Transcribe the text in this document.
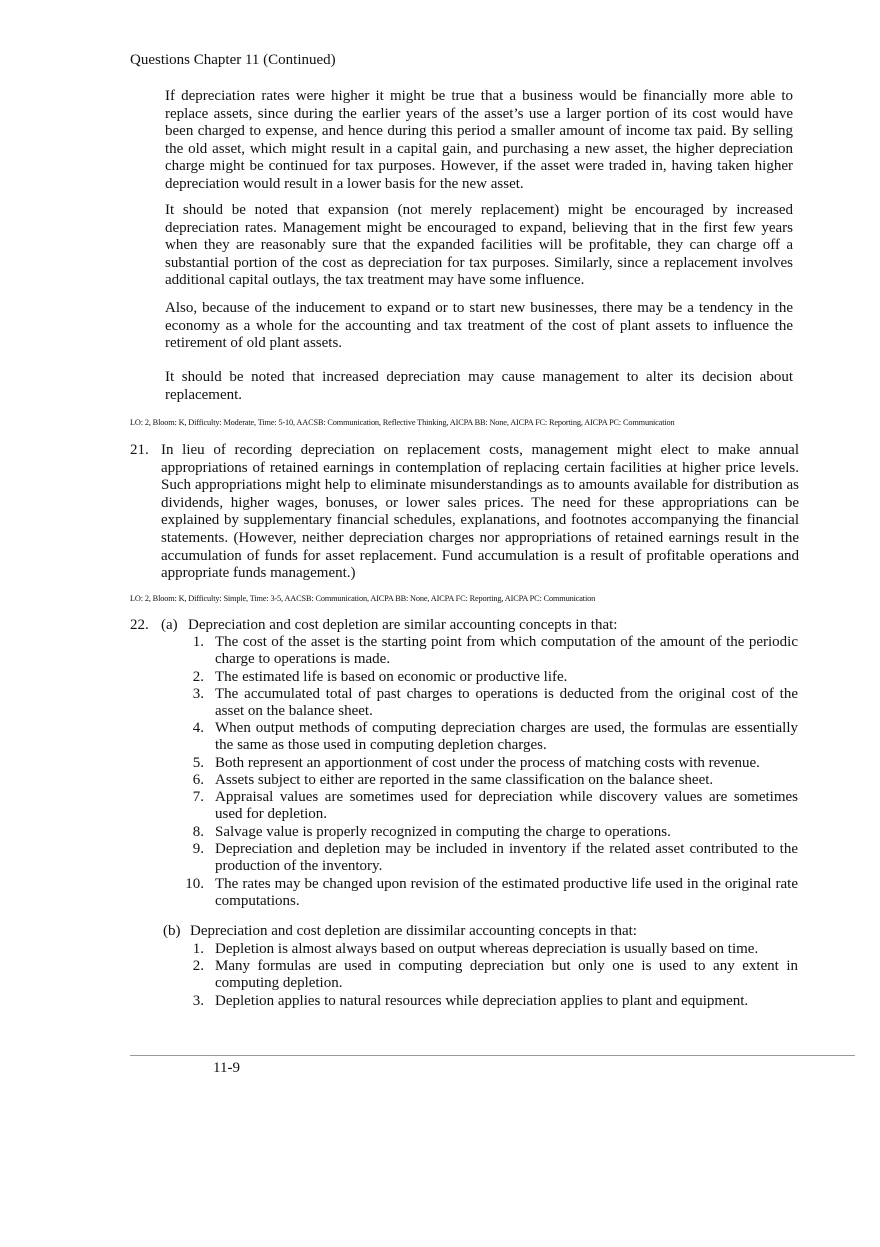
Questions Chapter 11 (Continued)

If depreciation rates were higher it might be true that a business would be financially more able to replace assets, since during the earlier years of the asset’s use a larger portion of its cost would have been charged to expense, and hence during this period a smaller amount of income tax paid. By selling the old asset, which might result in a capital gain, and purchasing a new asset, the higher depreciation charge might be continued for tax purposes. However, if the asset were traded in, having taken higher depreciation would result in a lower basis for the new asset.

It should be noted that expansion (not merely replacement) might be encouraged by increased depreciation rates. Management might be encouraged to expand, believing that in the first few years when they are reasonably sure that the expanded facilities will be profitable, they can charge off a substantial portion of the cost as depreciation for tax purposes. Similarly, since a replacement involves additional capital outlays, the tax treatment may have some influence.

Also, because of the inducement to expand or to start new businesses, there may be a tendency in the economy as a whole for the accounting and tax treatment of the cost of plant assets to influence the retirement of old plant assets.

It should be noted that increased depreciation may cause management to alter its decision about replacement.

LO: 2, Bloom: K, Difficulty: Moderate, Time: 5-10, AACSB: Communication, Reflective Thinking, AICPA BB: None, AICPA FC: Reporting, AICPA PC: Communication
21. In lieu of recording depreciation on replacement costs, management might elect to make annual appropriations of retained earnings in contemplation of replacing certain facilities at higher price levels. Such appropriations might help to eliminate misunderstandings as to amounts available for distribution as dividends, higher wages, bonuses, or lower sales prices. The need for these appropriations can be explained by supplementary financial schedules, explanations, and footnotes accompanying the financial statements. (However, neither depreciation charges nor appropriations of retained earnings result in the accumulation of funds for asset replacement. Fund accumulation is a result of profitable operations and appropriate funds management.)

LO: 2, Bloom: K, Difficulty: Simple, Time: 3-5, AACSB: Communication, AICPA BB: None, AICPA FC: Reporting, AICPA PC: Communication
22. (a) Depreciation and cost depletion are similar accounting concepts in that:
1. The cost of the asset is the starting point from which computation of the amount of the periodic charge to operations is made.
2. The estimated life is based on economic or productive life.
3. The accumulated total of past charges to operations is deducted from the original cost of the asset on the balance sheet.
4. When output methods of computing depreciation charges are used, the formulas are essentially the same as those used in computing depletion charges.
5. Both represent an apportionment of cost under the process of matching costs with revenue.
6. Assets subject to either are reported in the same classification on the balance sheet.
7. Appraisal values are sometimes used for depreciation while discovery values are sometimes used for depletion.
8. Salvage value is properly recognized in computing the charge to operations.
9. Depreciation and depletion may be included in inventory if the related asset contributed to the production of the inventory.
10. The rates may be changed upon revision of the estimated productive life used in the original rate computations.
(b) Depreciation and cost depletion are dissimilar accounting concepts in that:
1. Depletion is almost always based on output whereas depreciation is usually based on time.
2. Many formulas are used in computing depreciation but only one is used to any extent in computing depletion.
3. Depletion applies to natural resources while depreciation applies to plant and equipment.
11-9
